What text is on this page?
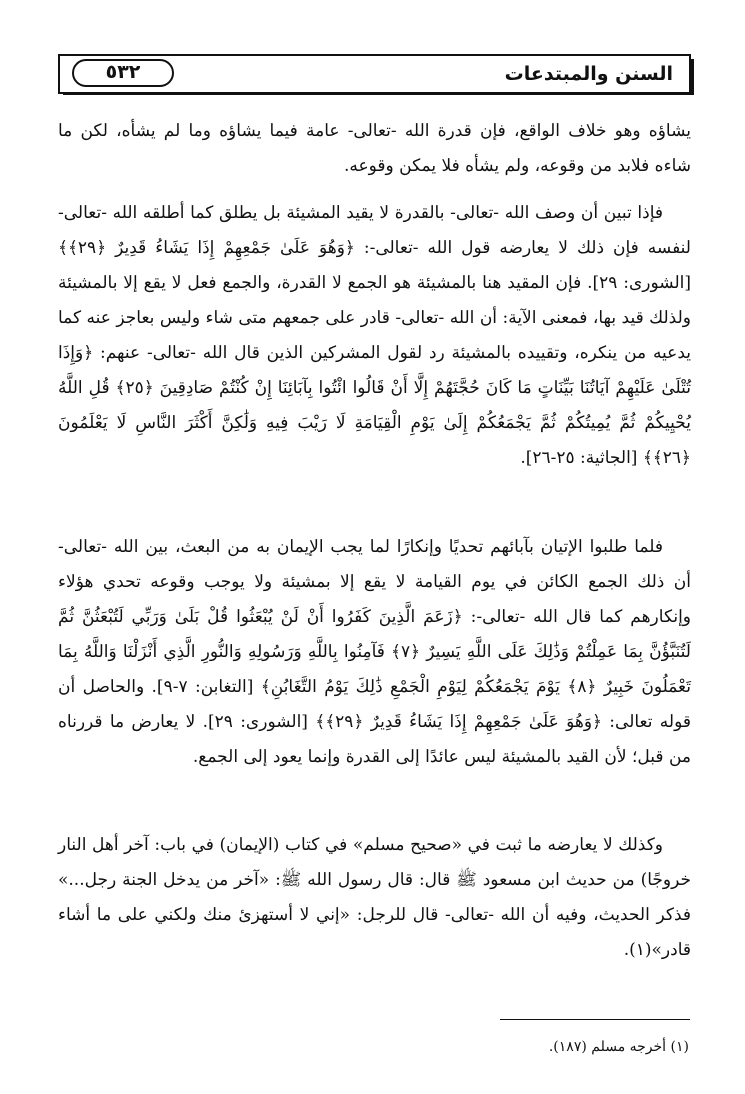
٥٣٢	السنن والمبتدعات
يشاؤه وهو خلاف الواقع، فإن قدرة الله -تعالى- عامة فيما يشاؤه وما لم يشأه، لكن ما شاءه فلابد من وقوعه، ولم يشأه فلا يمكن وقوعه.
فإذا تبين أن وصف الله -تعالى- بالقدرة لا يقيد المشيئة بل يطلق كما أطلقه الله -تعالى- لنفسه فإن ذلك لا يعارضه قول الله -تعالى-: ﴿وَهُوَ عَلَىٰ جَمْعِهِمْ إِذَا يَشَاءُ قَدِيرٌ ﴿٢٩﴾﴾ [الشورى: ٢٩]. فإن المقيد هنا بالمشيئة هو الجمع لا القدرة، والجمع فعل لا يقع إلا بالمشيئة ولذلك قيد بها، فمعنى الآية: أن الله -تعالى- قادر على جمعهم متى شاء وليس بعاجز عنه كما يدعيه من ينكره، وتقييده بالمشيئة رد لقول المشركين الذين قال الله -تعالى- عنهم: ﴿وَإِذَا تُتْلَىٰ عَلَيْهِمْ آيَاتُنَا بَيِّنَاتٍ مَا كَانَ حُجَّتَهُمْ إِلَّا أَنْ قَالُوا ائْتُوا بِآبَائِنَا إِنْ كُنْتُمْ صَادِقِينَ ﴿٢٥﴾ قُلِ اللَّهُ يُحْيِيكُمْ ثُمَّ يُمِيتُكُمْ ثُمَّ يَجْمَعُكُمْ إِلَىٰ يَوْمِ الْقِيَامَةِ لَا رَيْبَ فِيهِ وَلَٰكِنَّ أَكْثَرَ النَّاسِ لَا يَعْلَمُونَ ﴿٢٦﴾﴾ [الجاثية: ٢٥-٢٦].
فلما طلبوا الإتيان بآبائهم تحديًا وإنكارًا لما يجب الإيمان به من البعث، بين الله -تعالى- أن ذلك الجمع الكائن في يوم القيامة لا يقع إلا بمشيئة ولا يوجب وقوعه تحدي هؤلاء وإنكارهم كما قال الله -تعالى-: ﴿زَعَمَ الَّذِينَ كَفَرُوا أَنْ لَنْ يُبْعَثُوا قُلْ بَلَىٰ وَرَبِّي لَتُبْعَثُنَّ ثُمَّ لَتُنَبَّؤُنَّ بِمَا عَمِلْتُمْ وَذَٰلِكَ عَلَى اللَّهِ يَسِيرٌ ﴿٧﴾ فَآمِنُوا بِاللَّهِ وَرَسُولِهِ وَالنُّورِ الَّذِي أَنْزَلْنَا وَاللَّهُ بِمَا تَعْمَلُونَ خَبِيرٌ ﴿٨﴾ يَوْمَ يَجْمَعُكُمْ لِيَوْمِ الْجَمْعِ ذَٰلِكَ يَوْمُ التَّغَابُنِ﴾ [التغابن: ٧-٩]. والحاصل أن قوله تعالى: ﴿وَهُوَ عَلَىٰ جَمْعِهِمْ إِذَا يَشَاءُ قَدِيرٌ ﴿٢٩﴾﴾ [الشورى: ٢٩]. لا يعارض ما قررناه من قبل؛ لأن القيد بالمشيئة ليس عائدًا إلى القدرة وإنما يعود إلى الجمع.
وكذلك لا يعارضه ما ثبت في «صحيح مسلم» في كتاب (الإيمان) في باب: آخر أهل النار خروجًا) من حديث ابن مسعود ﷺ قال: قال رسول الله ﷺ: «آخر من يدخل الجنة رجل...» فذكر الحديث، وفيه أن الله -تعالى- قال للرجل: «إني لا أستهزئ منك ولكني على ما أشاء قادر»(١).
(١) أخرجه مسلم (١٨٧).
